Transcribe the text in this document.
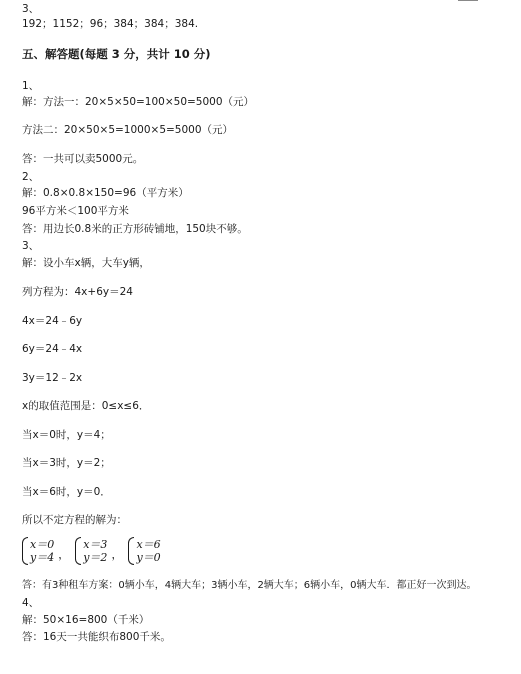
3、
192；1152；96；384；384；384.
五、解答题(每题 3 分，共计 10 分)
1、
解：方法一：20×5×50=100×50=5000（元）
方法二：20×50×5=1000×5=5000（元）
答：一共可以卖5000元。
2、
解：0.8×0.8×150=96（平方米）
96平方米＜100平方米
答：用边长0.8米的正方形砖铺地，150块不够。
3、
解：设小车x辆，大车y辆，
列方程为：4x+6y＝24
4x＝24﹣6y
6y＝24﹣4x
3y＝12﹣2x
x的取值范围是：0≤x≤6．
当x＝0时，y＝4；
当x＝3时，y＝2；
当x＝6时，y＝0．
所以不定方程的解为：
x＝0
y＝4 ，
x＝3
y＝2 ，
x＝6
y＝0
答：有3种租车方案：0辆小车，4辆大车；3辆小车，2辆大车；6辆小车，0辆大车．都正好一次到达。
4、
解：50×16=800（千米）
答：16天一共能织布800千米。
